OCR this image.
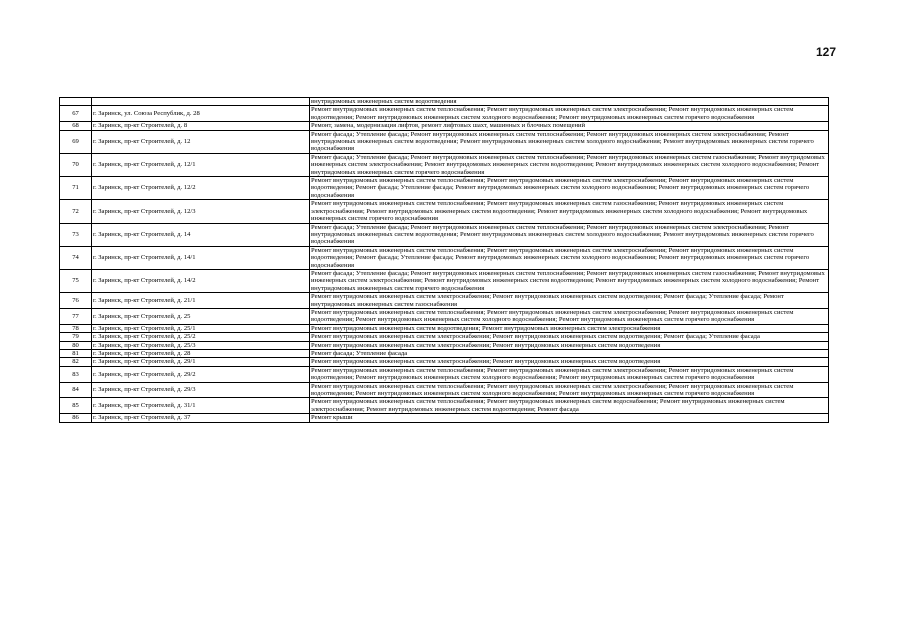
127
		внутридомовых инженерных систем водоотведения
67	г. Заринск, ул. Союза Республик, д. 28	Ремонт внутридомовых инженерных систем теплоснабжения; Ремонт внутридомовых инженерных систем электроснабжения; Ремонт внутридомовых инженерных систем водоотведения; Ремонт внутридомовых инженерных систем холодного водоснабжения; Ремонт внутридомовых инженерных систем горячего водоснабжения
68	г. Заринск, пр-кт Строителей, д. 8	Ремонт, замена, модернизация лифтов, ремонт лифтовых шахт, машинных и блочных помещений
69	г. Заринск, пр-кт Строителей, д. 12	Ремонт фасада; Утепление фасада; Ремонт внутридомовых инженерных систем теплоснабжения; Ремонт внутридомовых инженерных систем электроснабжения; Ремонт внутридомовых инженерных систем водоотведения; Ремонт внутридомовых инженерных систем холодного водоснабжения; Ремонт внутридомовых инженерных систем горячего водоснабжения
70	г. Заринск, пр-кт Строителей, д. 12/1	Ремонт фасада; Утепление фасада; Ремонт внутридомовых инженерных систем теплоснабжения; Ремонт внутридомовых инженерных систем газоснабжения; Ремонт внутридомовых инженерных систем электроснабжения; Ремонт внутридомовых инженерных систем водоотведения; Ремонт внутридомовых инженерных систем холодного водоснабжения; Ремонт внутридомовых инженерных систем горячего водоснабжения
71	г. Заринск, пр-кт Строителей, д. 12/2	Ремонт внутридомовых инженерных систем теплоснабжения; Ремонт внутридомовых инженерных систем электроснабжения; Ремонт внутридомовых инженерных систем водоотведения; Ремонт фасада; Утепление фасада; Ремонт внутридомовых инженерных систем холодного водоснабжения; Ремонт внутридомовых инженерных систем горячего водоснабжения
72	г. Заринск, пр-кт Строителей, д. 12/3	Ремонт внутридомовых инженерных систем теплоснабжения; Ремонт внутридомовых инженерных систем газоснабжения; Ремонт внутридомовых инженерных систем электроснабжения; Ремонт внутридомовых инженерных систем водоотведения; Ремонт внутридомовых инженерных систем холодного водоснабжения; Ремонт внутридомовых инженерных систем горячего водоснабжения
73	г. Заринск, пр-кт Строителей, д. 14	Ремонт фасада; Утепление фасада; Ремонт внутридомовых инженерных систем теплоснабжения; Ремонт внутридомовых инженерных систем электроснабжения; Ремонт внутридомовых инженерных систем водоотведения; Ремонт внутридомовых инженерных систем холодного водоснабжения; Ремонт внутридомовых инженерных систем горячего водоснабжения
74	г. Заринск, пр-кт Строителей, д. 14/1	Ремонт внутридомовых инженерных систем теплоснабжения; Ремонт внутридомовых инженерных систем электроснабжения; Ремонт внутридомовых инженерных систем водоотведения; Ремонт фасада; Утепление фасада; Ремонт внутридомовых инженерных систем холодного водоснабжения; Ремонт внутридомовых инженерных систем горячего водоснабжения
75	г. Заринск, пр-кт Строителей, д. 14/2	Ремонт фасада; Утепление фасада; Ремонт внутридомовых инженерных систем теплоснабжения; Ремонт внутридомовых инженерных систем газоснабжения; Ремонт внутридомовых инженерных систем электроснабжения; Ремонт внутридомовых инженерных систем водоотведения; Ремонт внутридомовых инженерных систем холодного водоснабжения; Ремонт внутридомовых инженерных систем горячего водоснабжения
76	г. Заринск, пр-кт Строителей, д. 21/1	Ремонт внутридомовых инженерных систем электроснабжения; Ремонт внутридомовых инженерных систем водоотведения; Ремонт фасада; Утепление фасада; Ремонт внутридомовых инженерных систем газоснабжения
77	г. Заринск, пр-кт Строителей, д. 25	Ремонт внутридомовых инженерных систем теплоснабжения; Ремонт внутридомовых инженерных систем электроснабжения; Ремонт внутридомовых инженерных систем водоотведения; Ремонт внутридомовых инженерных систем холодного водоснабжения; Ремонт внутридомовых инженерных систем горячего водоснабжения
78	г. Заринск, пр-кт Строителей, д. 25/1	Ремонт внутридомовых инженерных систем водоотведения; Ремонт внутридомовых инженерных систем электроснабжения
79	г. Заринск, пр-кт Строителей, д. 25/2	Ремонт внутридомовых инженерных систем электроснабжения; Ремонт внутридомовых инженерных систем водоотведения; Ремонт фасада; Утепление фасада
80	г. Заринск, пр-кт Строителей, д. 25/3	Ремонт внутридомовых инженерных систем электроснабжения; Ремонт внутридомовых инженерных систем водоотведения
81	г. Заринск, пр-кт Строителей, д. 28	Ремонт фасада; Утепление фасада
82	г. Заринск, пр-кт Строителей, д. 29/1	Ремонт внутридомовых инженерных систем электроснабжения; Ремонт внутридомовых инженерных систем водоотведения
83	г. Заринск, пр-кт Строителей, д. 29/2	Ремонт внутридомовых инженерных систем теплоснабжения; Ремонт внутридомовых инженерных систем электроснабжения; Ремонт внутридомовых инженерных систем водоотведения; Ремонт внутридомовых инженерных систем холодного водоснабжения; Ремонт внутридомовых инженерных систем горячего водоснабжения
84	г. Заринск, пр-кт Строителей, д. 29/3	Ремонт внутридомовых инженерных систем теплоснабжения; Ремонт внутридомовых инженерных систем электроснабжения; Ремонт внутридомовых инженерных систем водоотведения; Ремонт внутридомовых инженерных систем холодного водоснабжения; Ремонт внутридомовых инженерных систем горячего водоснабжения
85	г. Заринск, пр-кт Строителей, д. 31/1	Ремонт внутридомовых инженерных систем теплоснабжения; Ремонт внутридомовых инженерных систем водоснабжения; Ремонт внутридомовых инженерных систем электроснабжения; Ремонт внутридомовых инженерных систем водоотведения; Ремонт фасада
86	г. Заринск, пр-кт Строителей, д. 37	Ремонт крыши
